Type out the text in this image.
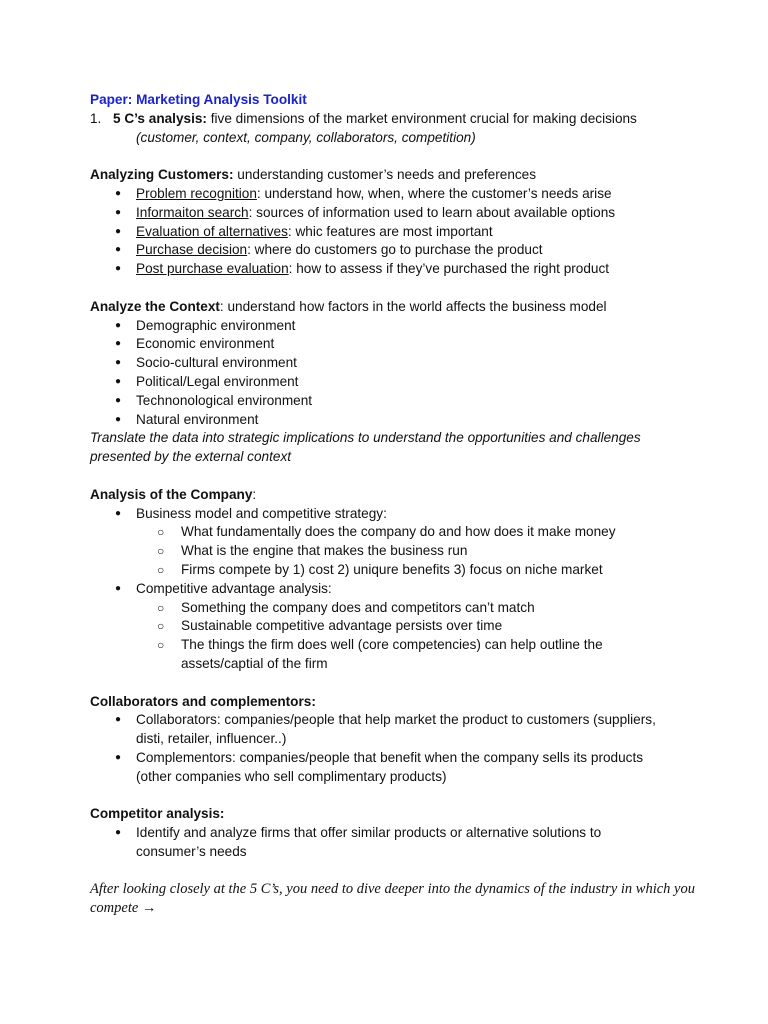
Paper: Marketing Analysis Toolkit
1. 5 C’s analysis: five dimensions of the market environment crucial for making decisions
(customer, context, company, collaborators, competition)
Analyzing Customers: understanding customer’s needs and preferences
● Problem recognition: understand how, when, where the customer’s needs arise
● Informaiton search: sources of information used to learn about available options
● Evaluation of alternatives: whic features are most important
● Purchase decision: where do customers go to purchase the product
● Post purchase evaluation: how to assess if they’ve purchased the right product
Analyze the Context: understand how factors in the world affects the business model
● Demographic environment
● Economic environment
● Socio-cultural environment
● Political/Legal environment
● Technonological environment
● Natural environment
Translate the data into strategic implications to understand the opportunities and challenges
presented by the external context
Analysis of the Company:
● Business model and competitive strategy:
○ What fundamentally does the company do and how does it make money
○ What is the engine that makes the business run
○ Firms compete by 1) cost 2) uniqure benefits 3) focus on niche market
● Competitive advantage analysis:
○ Something the company does and competitors can’t match
○ Sustainable competitive advantage persists over time
○ The things the firm does well (core competencies) can help outline the
assets/captial of the firm
Collaborators and complementors:
● Collaborators: companies/people that help market the product to customers (suppliers,
disti, retailer, influencer..)
● Complementors: companies/people that benefit when the company sells its products
(other companies who sell complimentary products)
Competitor analysis:
● Identify and analyze firms that offer similar products or alternative solutions to
consumer’s needs
After looking closely at the 5 C’s, you need to dive deeper into the dynamics of the industry in which you
compete →
